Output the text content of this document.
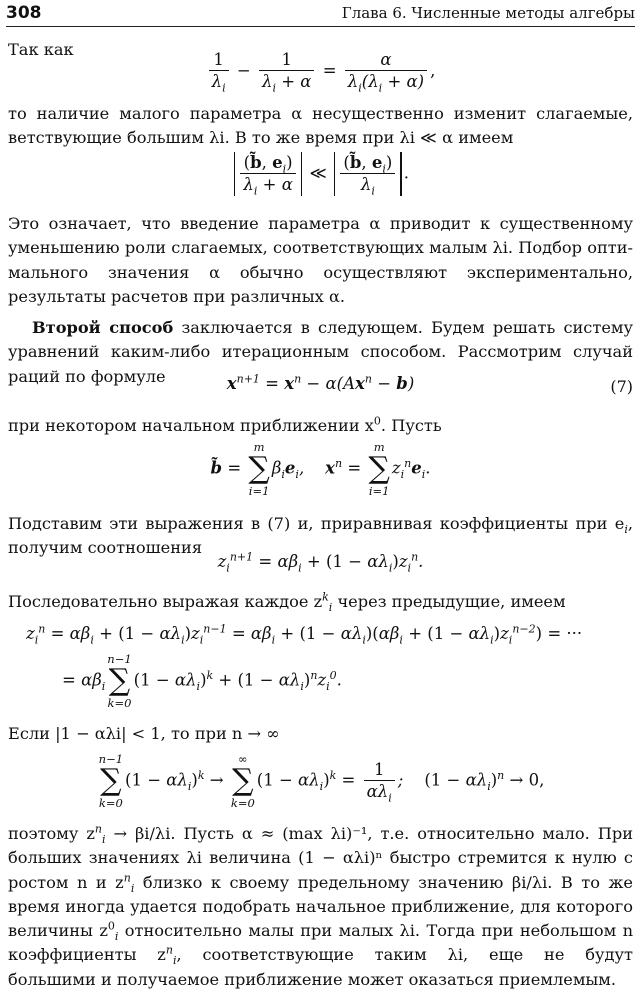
308	Глава 6. Численные методы алгебры
Так как
$\frac{1}{\lambda_i} - \frac{1}{\lambda_i + \alpha} = \frac{\alpha}{\lambda_i(\lambda_i + \alpha)}$ ,
то наличие малого параметра α несущественно изменит слагаемые,
ветствующие большим λi. В то же время при λi ≪ α имеем
$\frac{(b̃, e_i)}{\lambda_i + \alpha}$ ≪ $\frac{(b̃, e_i)}{\lambda_i}$ .
Это означает, что введение параметра α приводит к существенному
уменьшению роли слагаемых, соответствующих малым λi. Подбор опти-
мального значения α обычно осуществляют экспериментально,
результаты расчетов при различных α.
Второй способ заключается в следующем. Будем решать систему
уравнений каким-либо итерационным способом. Рассмотрим случай
раций по формуле	$x^{n+1} = x^n - \alpha(Ax^n - b)$	(7)
при некотором начальном приближении $x^0$. Пусть
b̃ =
m
∑
i=1
$\beta_ie_i$,    $x^n$ =
m
∑
i=1
$z_i^ne_i$.
Подставим эти выражения в (7) и, приравнивая коэффициенты при $e_i$,
получим соотношения
$z_i^{n+1} = \alpha\beta_i + (1 - \alpha\lambda_i)z_i^n$.
Последовательно выражая каждое $z^k_i$ через предыдущие, имеем
$z_i^n = \alpha\beta_i + (1 - \alpha\lambda_i)z_i^{n-1} = \alpha\beta_i + (1 - \alpha\lambda_i)(\alpha\beta_i + (1 - \alpha\lambda_i)z_i^{n-2})$ = ···
= $\alpha\beta_i$
n−1
∑
k=0
$(1 - \alpha\lambda_i)^k + (1 - \alpha\lambda_i)^nz_i^0$.
Если |1 − αλi| < 1, то при n → ∞
n−1
∑
k=0
$(1 - \alpha\lambda_i)^k$ →
∞
∑
k=0
$(1 - \alpha\lambda_i)^k = \frac{1}{\alpha\lambda_i}$ ;    $(1 - \alpha\lambda_i)^n \to 0$,
поэтому $z^n_i \to \beta i/\lambda i$. Пусть α ≈ (max λi)⁻¹, т.е. относительно мало. При
больших значениях λi величина (1 − αλi)ⁿ быстро стремится к нулю с
ростом n и $z^n_i$ близко к своему предельному значению βi/λi. В то же
время иногда удается подобрать начальное приближение, для которого
величины $z^0_i$ относительно малы при малых λi. Тогда при небольшом n
коэффициенты $z^n_i$, соответствующие таким λi, еще не будут
большими и получаемое приближение может оказаться приемлемым.
